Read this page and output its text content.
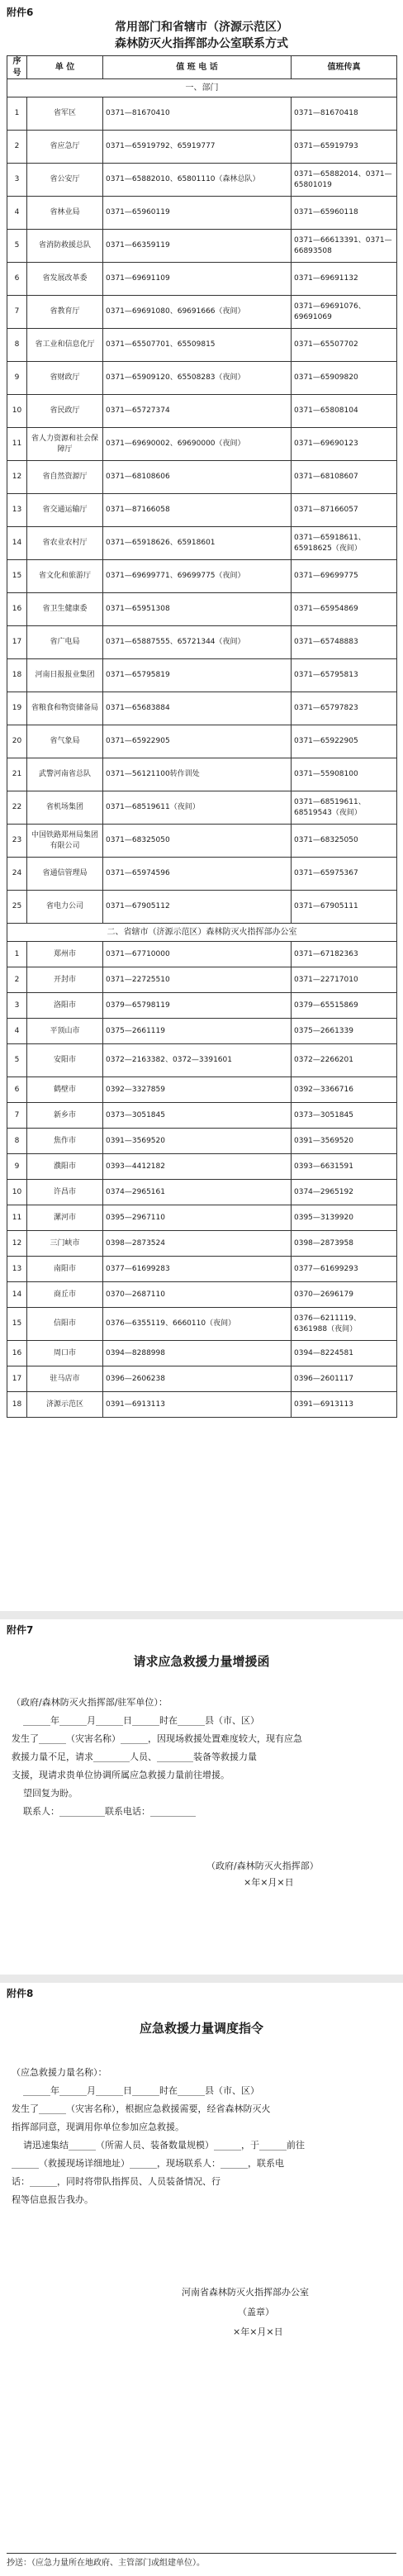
附件6
常用部门和省辖市（济源示范区）
森林防灭火指挥部办公室联系方式
序号	单 位	值 班 电 话	值班传真
一、部门			
1	省军区	0371—81670410	0371—81670418
2	省应急厅	0371—65919792、65919777	0371—65919793
3	省公安厅	0371—65882010、65801110（森林总队）	0371—65882014、0371—65801019
4	省林业局	0371—65960119	0371—65960118
5	省消防救援总队	0371—66359119	0371—66613391、0371—66893508
6	省发展改革委	0371—69691109	0371—69691132
7	省教育厅	0371—69691080、69691666（夜间）	0371—69691076、69691069
8	省工业和信息化厅	0371—65507701、65509815	0371—65507702
9	省财政厅	0371—65909120、65508283（夜间）	0371—65909820
10	省民政厅	0371—65727374	0371—65808104
11	省人力资源和社会保障厅	0371—69690002、69690000（夜间）	0371—69690123
12	省自然资源厅	0371—68108606	0371—68108607
13	省交通运输厅	0371—87166058	0371—87166057
14	省农业农村厅	0371—65918626、65918601	0371—65918611、65918625（夜间）
15	省文化和旅游厅	0371—69699771、69699775（夜间）	0371—69699775
16	省卫生健康委	0371—65951308	0371—65954869
17	省广电局	0371—65887555、65721344（夜间）	0371—65748883
18	河南日报报业集团	0371—65795819	0371—65795813
19	省粮食和物资储备局	0371—65683884	0371—65797823
20	省气象局	0371—65922905	0371—65922905
21	武警河南省总队	0371—56121100转作训处	0371—55908100
22	省机场集团	0371—68519611（夜间）	0371—68519611、68519543（夜间）
23	中国铁路郑州局集团有限公司	0371—68325050	0371—68325050
24	省通信管理局	0371—65974596	0371—65975367
25	省电力公司	0371—67905112	0371—67905111
二、省辖市（济源示范区）森林防灭火指挥部办公室			
1	郑州市	0371—67710000	0371—67182363
2	开封市	0371—22725510	0371—22717010
3	洛阳市	0379—65798119	0379—65515869
4	平顶山市	0375—2661119	0375—2661339
5	安阳市	0372—2163382、0372—3391601	0372—2266201
6	鹤壁市	0392—3327859	0392—3366716
7	新乡市	0373—3051845	0373—3051845
8	焦作市	0391—3569520	0391—3569520
9	濮阳市	0393—4412182	0393—6631591
10	许昌市	0374—2965161	0374—2965192
11	漯河市	0395—2967110	0395—3139920
12	三门峡市	0398—2873524	0398—2873958
13	南阳市	0377—61699283	0377—61699293
14	商丘市	0370—2687110	0370—2696179
15	信阳市	0376—6355119、6660110（夜间）	0376—6211119、6361988（夜间）
16	周口市	0394—8288998	0394—8224581
17	驻马店市	0396—2606238	0396—2601117
18	济源示范区	0391—6913113	0391—6913113
附件7
请求应急救援力量增援函
（政府/森林防灭火指挥部/驻军单位）：
______年______月______日______时在______县（市、区）
发生了______（灾害名称）______，因现场救援处置难度较大，现有应急
救援力量不足，请求________人员、________装备等救援力量
支援，现请求贵单位协调所属应急救援力量前往增援。
望回复为盼。
联系人：__________联系电话：__________
（政府/森林防灭火指挥部）
×年×月×日
附件8
应急救援力量调度指令
（应急救援力量名称）：
______年______月______日______时在______县（市、区）
发生了______（灾害名称），根据应急救援需要，经省森林防灭火
指挥部同意，现调用你单位参加应急救援。
请迅速集结______（所需人员、装备数量规模）______，于______前往
______（救援现场详细地址）______，现场联系人：______，联系电
话：______，同时将带队指挥员、人员装备情况、行
程等信息报告我办。
河南省森林防灭火指挥部办公室
（盖章）
×年×月×日
抄送：（应急力量所在地政府、主管部门或组建单位）。
